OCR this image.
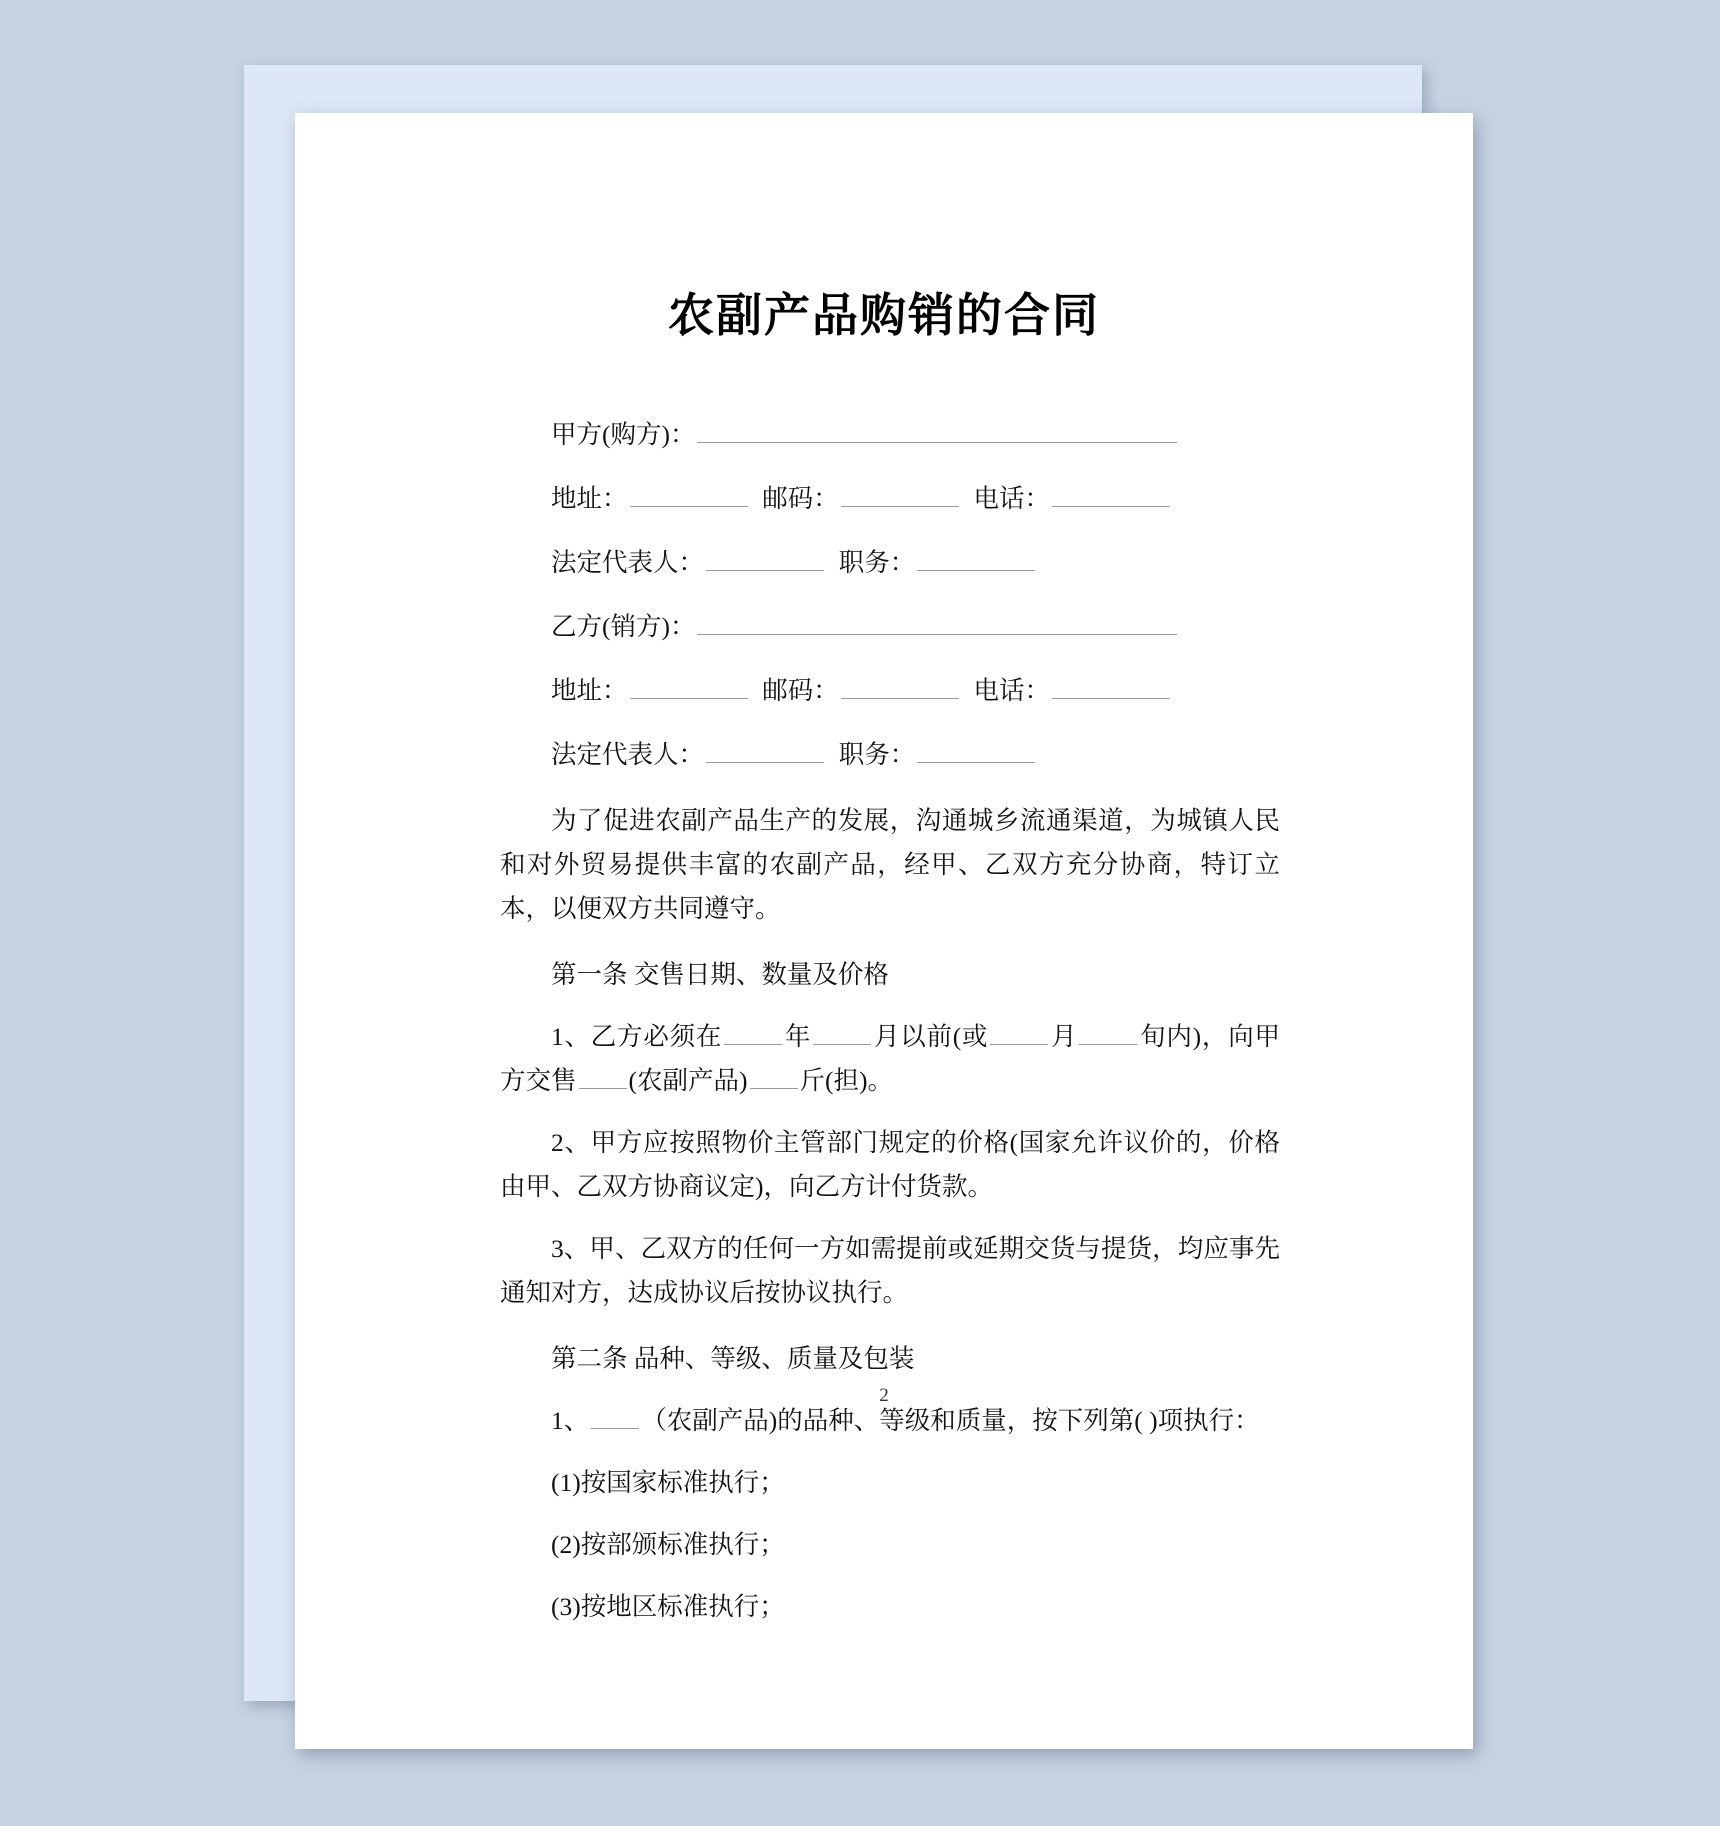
农副产品购销的合同
甲方(购方)：
地址： 	邮码： 	电话：
法定代表人： 	职务：
乙方(销方)：
地址： 	邮码： 	电话：
法定代表人： 	职务：
为了促进农副产品生产的发展，沟通城乡流通渠道，为城镇人民和对外贸易提供丰富的农副产品，经甲、乙双方充分协商，特订立本，以便双方共同遵守。
第一条 交售日期、数量及价格
1、乙方必须在 年 月以前(或 月 旬内)，向甲方交售 (农副产品) 斤(担)。
2、甲方应按照物价主管部门规定的价格(国家允许议价的，价格由甲、乙双方协商议定)，向乙方计付货款。
3、甲、乙双方的任何一方如需提前或延期交货与提货，均应事先通知对方，达成协议后按协议执行。
第二条 品种、等级、质量及包装
1、 （农副产品)的品种、等级和质量，按下列第( )项执行：
(1)按国家标准执行；
(2)按部颁标准执行；
(3)按地区标准执行；
2
